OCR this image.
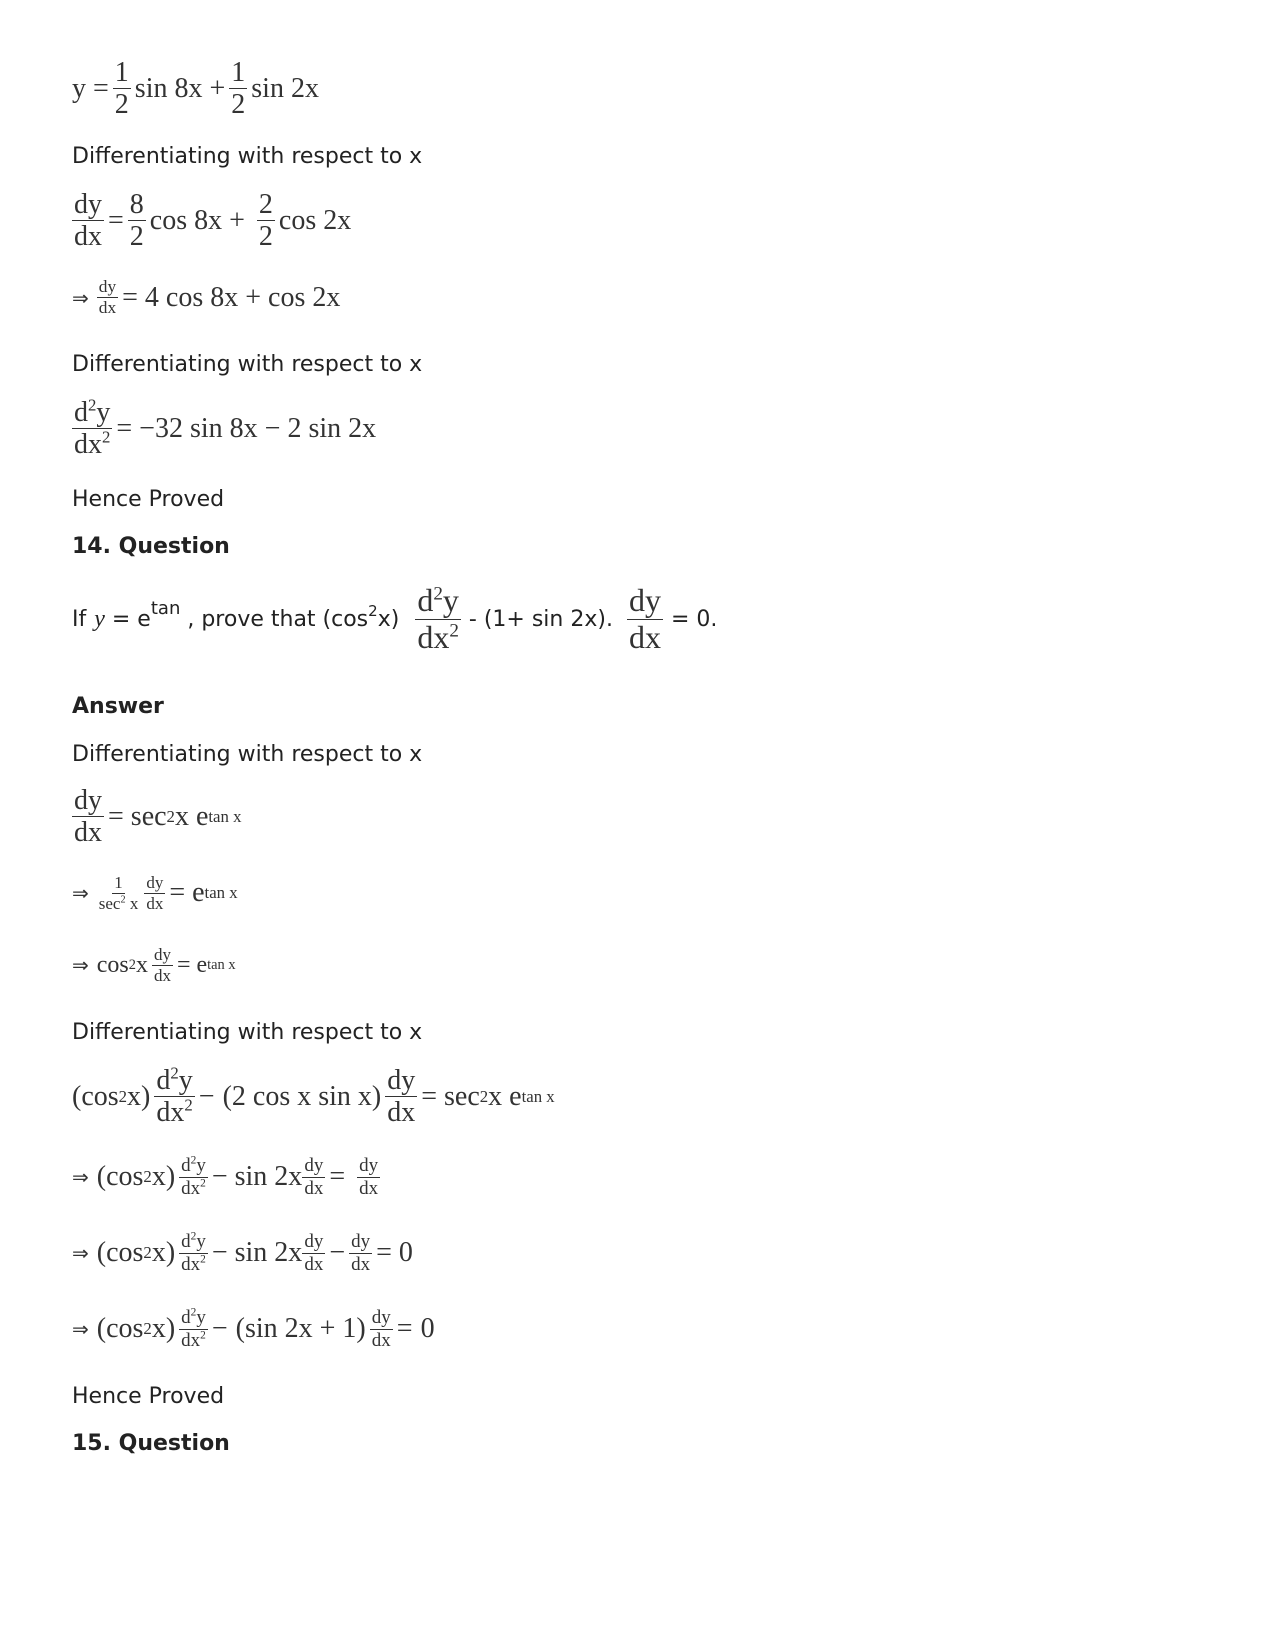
$y = \frac{1}{2}$ $\sin 8x + \frac{1}{2}$ sin 2x
Differentiating with respect to x
$\frac{dy}{dx} = \frac{8}{2}$ $\cos 8x + \frac{2}{2}$ cos 2x
⇒ $\frac{dy}{dx} = 4$ cos 8x + cos 2x
Differentiating with respect to x
$\frac{d^2y}{dx^2} = -32$ sin 8x − 2 sin 2x
Hence Proved
14. Question
If $y = e^{tan}$ , prove that ($\cos^2$ $x) \frac{d^2y}{dx^2} - (1+ \sin 2x)$. $\frac{dy}{dx} = 0$.
Answer
Differentiating with respect to x
$\frac{dy}{dx} = \sec 2$ x e tan x
⇒ $\frac{1}{\sec^2 x} \frac{dy}{dx} = e$ tan x
⇒ cos 2 x $\frac{dy}{dx} = e$ tan x
Differentiating with respect to x
(cos 2 $x) \frac{d^2y}{dx^2} - (2$ cos x $\sin x) \frac{dy}{dx} = \sec 2$ x e tan x
⇒ (cos 2 $x) \frac{d^2y}{dx^2} - \sin 2x \frac{dy}{dx} = \frac{dy}{dx}$
⇒ (cos 2 $x) \frac{d^2y}{dx^2} - \sin 2x \frac{dy}{dx} - \frac{dy}{dx} = 0$
⇒ (cos 2 $x) \frac{d^2y}{dx^2} - (\sin$ $2x + 1) \frac{dy}{dx} = 0$
Hence Proved
15. Question
